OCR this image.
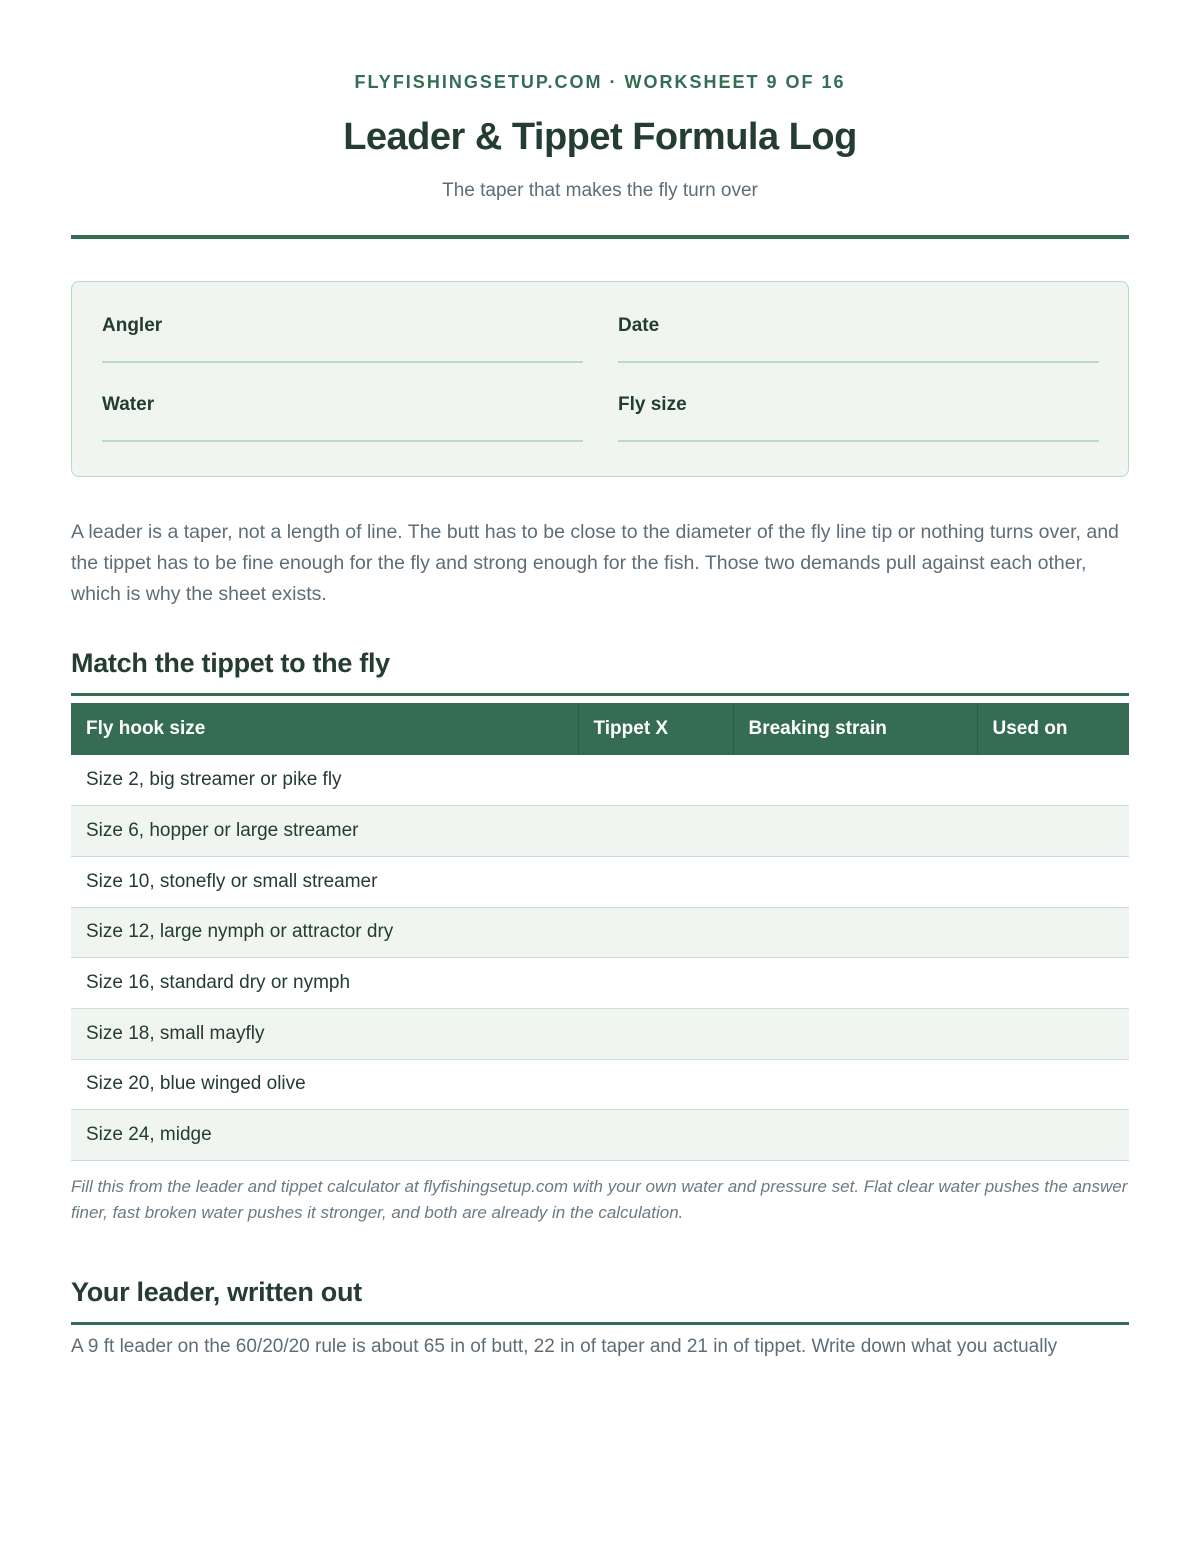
FLYFISHINGSETUP.COM · WORKSHEET 9 OF 16
Leader & Tippet Formula Log
The taper that makes the fly turn over
Angler	Date
Water	Fly size

A leader is a taper, not a length of line. The butt has to be close to the diameter of the fly line tip or nothing turns over, and the tippet has to be fine enough for the fly and strong enough for the fish. Those two demands pull against each other, which is why the sheet exists.

Match the tippet to the fly
Fly hook size	Tippet X	Breaking strain	Used on
Size 2, big streamer or pike fly			
Size 6, hopper or large streamer			
Size 10, stonefly or small streamer			
Size 12, large nymph or attractor dry			
Size 16, standard dry or nymph			
Size 18, small mayfly			
Size 20, blue winged olive			
Size 24, midge			

Fill this from the leader and tippet calculator at flyfishingsetup.com with your own water and pressure set. Flat clear water pushes the answer finer, fast broken water pushes it stronger, and both are already in the calculation.

Your leader, written out

A 9 ft leader on the 60/20/20 rule is about 65 in of butt, 22 in of taper and 21 in of tippet. Write down what you actually
